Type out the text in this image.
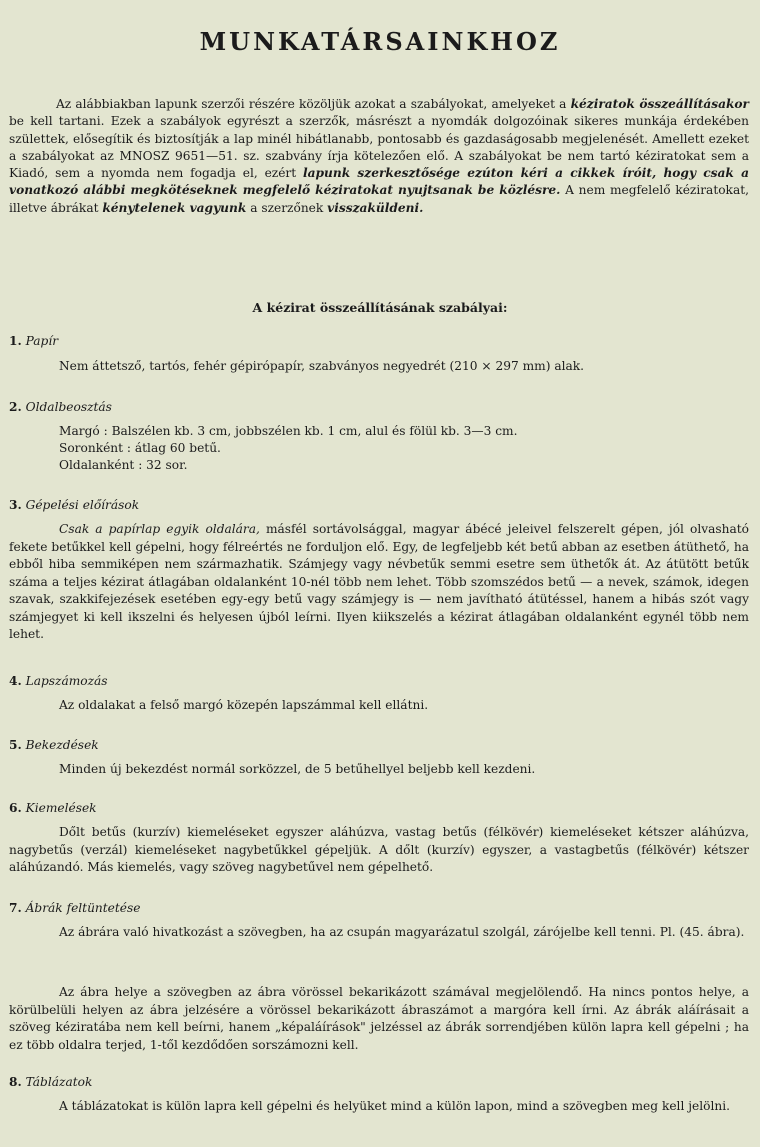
MUNKATÁRSAINKHOZ

Az alábbiakban lapunk szerzői részére közöljük azokat a szabályokat, amelyeket a kéziratok összeállításakor be kell tartani. Ezek a szabályok egyrészt a szerzők, másrészt a nyomdák dolgozóinak sikeres munkája érdekében születtek, elősegítik és biztosítják a lap minél hibátlanabb, pontosabb és gazdaságosabb megjelenését. Amellett ezeket a szabályokat az MNOSZ 9651—51. sz. szabvány írja kötelezően elő. A szabályokat be nem tartó kéziratokat sem a Kiadó, sem a nyomda nem fogadja el, ezért lapunk szerkesztősége ezúton kéri a cikkek íróit, hogy csak a vonatkozó alábbi megkötéseknek megfelelő kéziratokat nyujtsanak be közlésre. A nem megfelelő kéziratokat, illetve ábrákat kénytelenek vagyunk a szerzőnek visszaküldeni.

A kézirat összeállításának szabályai:

1. Papír

Nem áttetsző, tartós, fehér gépirópapír, szabványos negyedrét (210 × 297 mm) alak.

2. Oldalbeosztás

Margó : Balszélen kb. 3 cm, jobbszélen kb. 1 cm, alul és fölül kb. 3—3 cm.

Soronként : átlag 60 betű.

Oldalanként : 32 sor.

3. Gépelési előírások

Csak a papírlap egyik oldalára, másfél sortávolsággal, magyar ábécé jeleivel felszerelt gépen, jól olvasható fekete betűkkel kell gépelni, hogy félreértés ne forduljon elő. Egy, de legfeljebb két betű abban az esetben átüthető, ha ebből hiba semmiképen nem származhatik. Számjegy vagy névbetűk semmi esetre sem üthetők át. Az átütött betűk száma a teljes kézirat átlagában oldalanként 10-nél több nem lehet. Több szomszédos betű — a nevek, számok, idegen szavak, szakkifejezések esetében egy-egy betű vagy számjegy is — nem javítható átütéssel, hanem a hibás szót vagy számjegyet ki kell ikszelni és helyesen újból leírni. Ilyen kiikszelés a kézirat átlagában oldalanként egynél több nem lehet.

4. Lapszámozás

Az oldalakat a felső margó közepén lapszámmal kell ellátni.

5. Bekezdések

Minden új bekezdést normál sorközzel, de 5 betűhellyel beljebb kell kezdeni.

6. Kiemelések

Dőlt betűs (kurzív) kiemeléseket egyszer aláhúzva, vastag betűs (félkövér) kiemeléseket kétszer aláhúzva, nagybetűs (verzál) kiemeléseket nagybetűkkel gépeljük. A dőlt (kurzív) egyszer, a vastagbetűs (félkövér) kétszer aláhúzandó. Más kiemelés, vagy szöveg nagybetűvel nem gépelhető.

7. Ábrák feltüntetése

Az ábrára való hivatkozást a szövegben, ha az csupán magyarázatul szolgál, zárójelbe kell tenni. Pl. (45. ábra).

Az ábra helye a szövegben az ábra vörössel bekarikázott számával megjelölendő. Ha nincs pontos helye, a körülbelüli helyen az ábra jelzésére a vörössel bekarikázott ábraszámot a margóra kell írni. Az ábrák aláírásait a szöveg kéziratába nem kell beírni, hanem „képaláírások" jelzéssel az ábrák sorrendjében külön lapra kell gépelni ; ha ez több oldalra terjed, 1-től kezdődően sorszámozni kell.

8. Táblázatok

A táblázatokat is külön lapra kell gépelni és helyüket mind a külön lapon, mind a szövegben meg kell jelölni.
